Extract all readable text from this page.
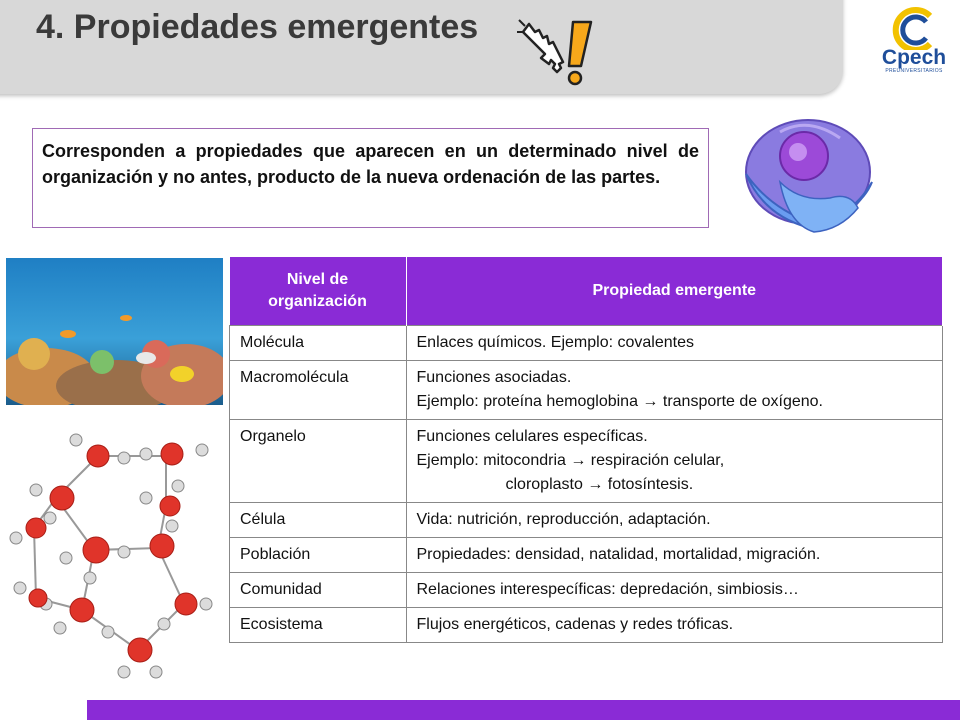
4. Propiedades emergentes
Cpech
PREUNIVERSITARIOS
Corresponden a propiedades que aparecen en un determinado nivel de organización y no antes, producto de la nueva ordenación de las partes.
Nivel de organización	Propiedad emergente
Molécula	Enlaces químicos. Ejemplo: covalentes

Macromolécula	Funciones asociadas.
Ejemplo: proteína hemoglobina → transporte de oxígeno.

Organelo	Funciones celulares específicas.
Ejemplo: mitocondria → respiración celular,
cloroplasto → fotosíntesis.

Célula	Vida: nutrición, reproducción, adaptación.

Población	Propiedades: densidad, natalidad, mortalidad, migración.

Comunidad	Relaciones interespecíficas: depredación, simbiosis…

Ecosistema	Flujos energéticos, cadenas y redes tróficas.
